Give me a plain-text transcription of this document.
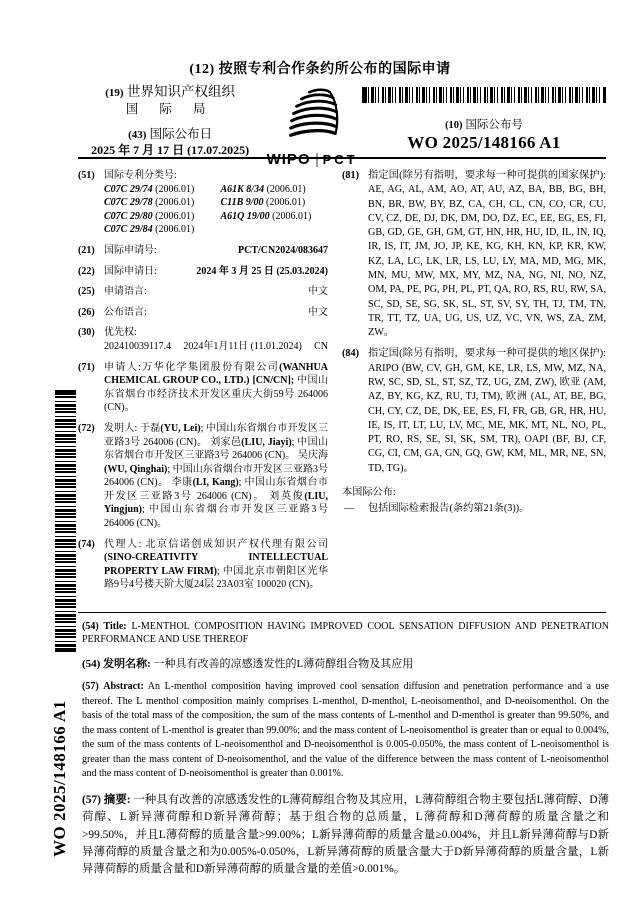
(12) 按照专利合作条约所公布的国际申请
(19) 世界知识产权组织
国 际 局
(43) 国际公布日
2025 年 7 月 17 日 (17.07.2025)
WIPO PCT
(10) 国际公布号
WO 2025/148166 A1
(51) 国际专利分类号:
C07C 29/74 (2006.01)	A61K 8/34 (2006.01)
C07C 29/78 (2006.01)	C11B 9/00 (2006.01)
C07C 29/80 (2006.01)	A61Q 19/00 (2006.01)
C07C 29/84 (2006.01)
(21) 国际申请号:	PCT/CN2024/083647
(22) 国际申请日:	2024 年 3 月 25 日 (25.03.2024)
(25) 申请语言:	中文
(26) 公布语言:	中文
(30) 优先权:
202410039117.4 2024年1月11日 (11.01.2024) CN
(71) 申请人:万华化学集团股份有限公司(WANHUA CHEMICAL GROUP CO., LTD.) [CN/CN]; 中国山东省烟台市经济技术开发区重庆大街59号 264006 (CN)。
(72) 发明人: 于磊(YU, Lei); 中国山东省烟台市开发区三亚路3号 264006 (CN)。 刘家邑(LIU, Jiayi); 中国山东省烟台市开发区三亚路3号 264006 (CN)。 吴庆海(WU, Qinghai); 中国山东省烟台市开发区三亚路3号 264006 (CN)。 李康(LI, Kang); 中国山东省烟台市开发区三亚路3号 264006 (CN)。 刘英俊(LIU, Yingjun); 中国山东省烟台市开发区三亚路3号 264006 (CN)。
(74) 代理人: 北京信诺创成知识产权代理有限公司 (SINO-CREATIVITY INTELLECTUAL PROPERTY LAW FIRM); 中国北京市朝阳区光华路9号4号楼天阶大厦24层 23A03室 100020 (CN)。
(81) 指定国(除另有指明，要求每一种可提供的国家保护): AE, AG, AL, AM, AO, AT, AU, AZ, BA, BB, BG, BH, BN, BR, BW, BY, BZ, CA, CH, CL, CN, CO, CR, CU, CV, CZ, DE, DJ, DK, DM, DO, DZ, EC, EE, EG, ES, FI, GB, GD, GE, GH, GM, GT, HN, HR, HU, ID, IL, IN, IQ, IR, IS, IT, JM, JO, JP, KE, KG, KH, KN, KP, KR, KW, KZ, LA, LC, LK, LR, LS, LU, LY, MA, MD, MG, MK, MN, MU, MW, MX, MY, MZ, NA, NG, NI, NO, NZ, OM, PA, PE, PG, PH, PL, PT, QA, RO, RS, RU, RW, SA, SC, SD, SE, SG, SK, SL, ST, SV, SY, TH, TJ, TM, TN, TR, TT, TZ, UA, UG, US, UZ, VC, VN, WS, ZA, ZM, ZW。
(84) 指定国(除另有指明，要求每一种可提供的地区保护): ARIPO (BW, CV, GH, GM, KE, LR, LS, MW, MZ, NA, RW, SC, SD, SL, ST, SZ, TZ, UG, ZM, ZW), 欧亚 (AM, AZ, BY, KG, KZ, RU, TJ, TM), 欧洲 (AL, AT, BE, BG, CH, CY, CZ, DE, DK, EE, ES, FI, FR, GB, GR, HR, HU, IE, IS, IT, LT, LU, LV, MC, ME, MK, MT, NL, NO, PL, PT, RO, RS, SE, SI, SK, SM, TR), OAPI (BF, BJ, CF, CG, CI, CM, GA, GN, GQ, GW, KM, ML, MR, NE, SN, TD, TG)。
本国际公布:
— 包括国际检索报告(条约第21条(3))。
WO 2025/148166 A1

(54) Title: L-MENTHOL COMPOSITION HAVING IMPROVED COOL SENSATION DIFFUSION AND PENETRATION PERFORMANCE AND USE THEREOF

(54) 发明名称: 一种具有改善的凉感透发性的L薄荷醇组合物及其应用

(57) Abstract: An L-menthol composition having improved cool sensation diffusion and penetration performance and a use thereof. The L menthol composition mainly comprises L-menthol, D-menthol, L-neoisomenthol, and D-neoisomenthol. On the basis of the total mass of the composition, the sum of the mass contents of L-menthol and D-menthol is greater than 99.50%, and the mass content of L-menthol is greater than 99.00%; and the mass content of L-neoisomenthol is greater than or equal to 0.004%, the sum of the mass contents of L-neoisomenthol and D-neoisomenthol is 0.005-0.050%, the mass content of L-neoisomenthol is greater than the mass content of D-neoisomenthol, and the value of the difference between the mass content of L-neoisomenthol and the mass content of D-neoisomenthol is greater than 0.001%.

(57) 摘要: 一种具有改善的凉感透发性的L薄荷醇组合物及其应用，L薄荷醇组合物主要包括L薄荷醇、D薄荷醇、L新异薄荷醇和D新异薄荷醇；基于组合物的总质量，L薄荷醇和D薄荷醇的质量含量之和>99.50%，并且L薄荷醇的质量含量>99.00%；L新异薄荷醇的质量含量≥0.004%，并且L新异薄荷醇与D新异薄荷醇的质量含量之和为0.005%-0.050%，L新异薄荷醇的质量含量大于D新异薄荷醇的质量含量，L新异薄荷醇的质量含量和D新异薄荷醇的质量含量的差值>0.001%。
